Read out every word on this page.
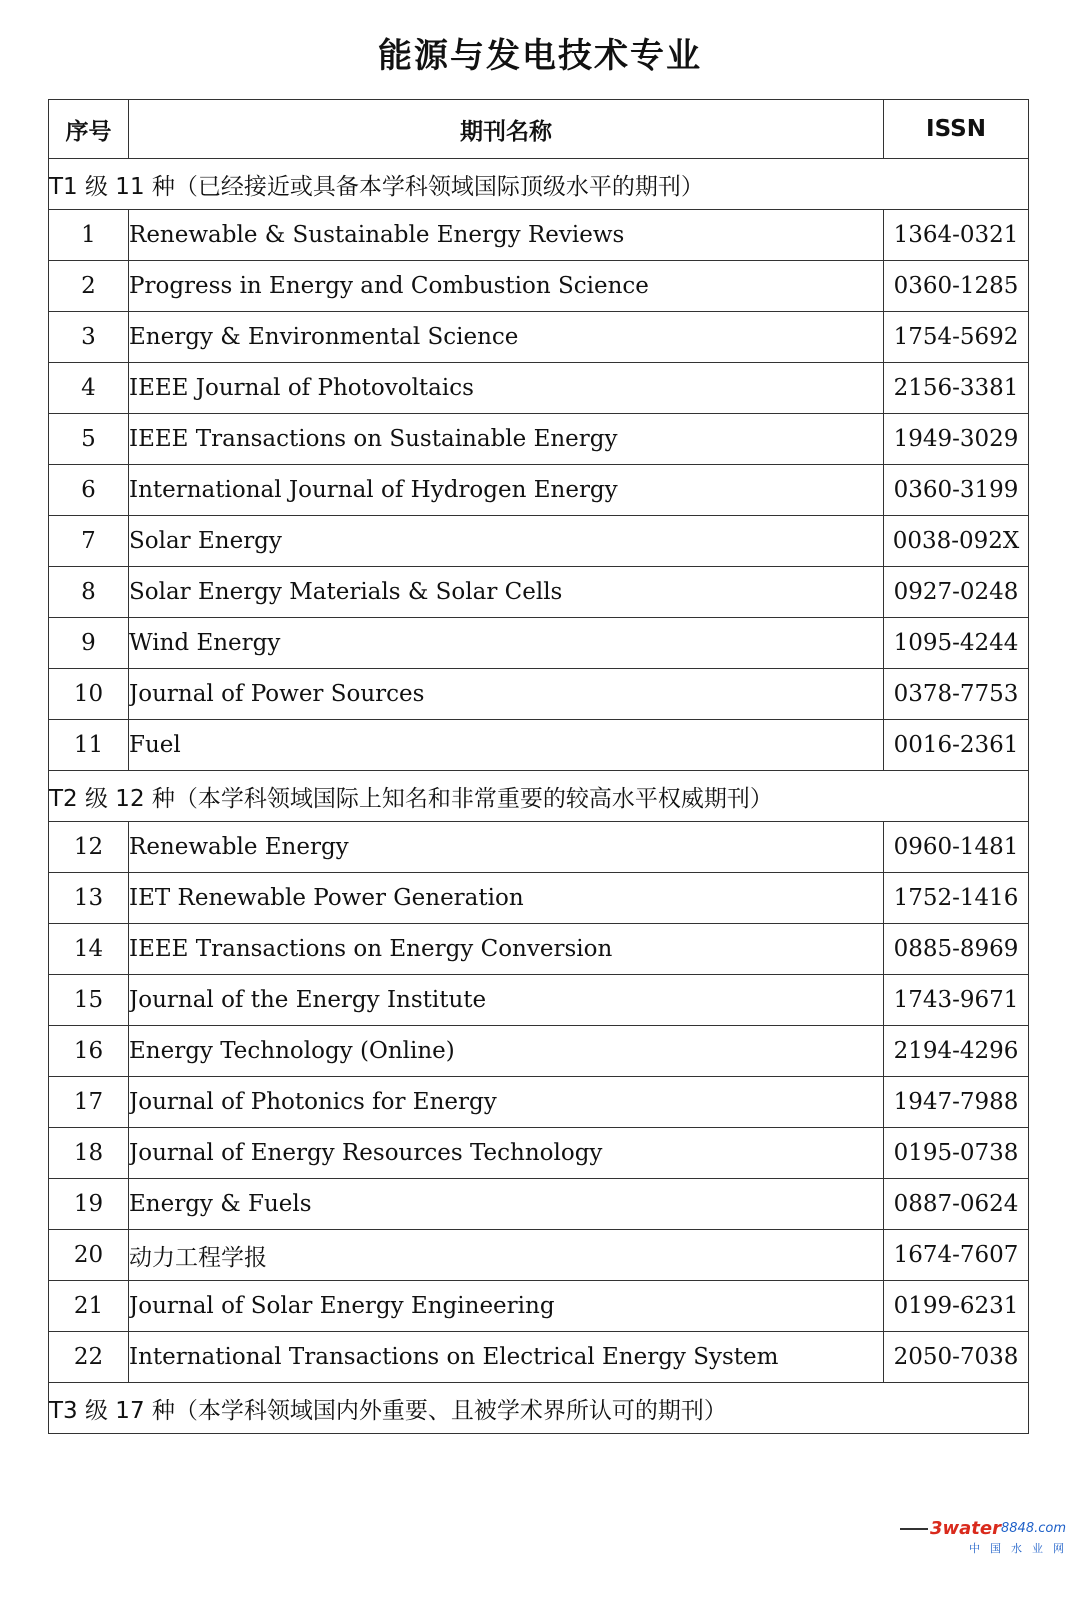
能源与发电技术专业
序号	期刊名称	ISSN
T1 级 11 种（已经接近或具备本学科领域国际顶级水平的期刊）		
1	Renewable & Sustainable Energy Reviews	1364-0321
2	Progress in Energy and Combustion Science	0360-1285
3	Energy & Environmental Science	1754-5692
4	IEEE Journal of Photovoltaics	2156-3381
5	IEEE Transactions on Sustainable Energy	1949-3029
6	International Journal of Hydrogen Energy	0360-3199
7	Solar Energy	0038-092X
8	Solar Energy Materials & Solar Cells	0927-0248
9	Wind Energy	1095-4244
10	Journal of Power Sources	0378-7753
11	Fuel	0016-2361
T2 级 12 种（本学科领域国际上知名和非常重要的较高水平权威期刊）		
12	Renewable Energy	0960-1481
13	IET Renewable Power Generation	1752-1416
14	IEEE Transactions on Energy Conversion	0885-8969
15	Journal of the Energy Institute	1743-9671
16	Energy Technology (Online)	2194-4296
17	Journal of Photonics for Energy	1947-7988
18	Journal of Energy Resources Technology	0195-0738
19	Energy & Fuels	0887-0624
20	动力工程学报	1674-7607
21	Journal of Solar Energy Engineering	0199-6231
22	International Transactions on Electrical Energy System	2050-7038
T3 级 17 种（本学科领域国内外重要、且被学术界所认可的期刊）		
3water 8848 .com
中国水业网
